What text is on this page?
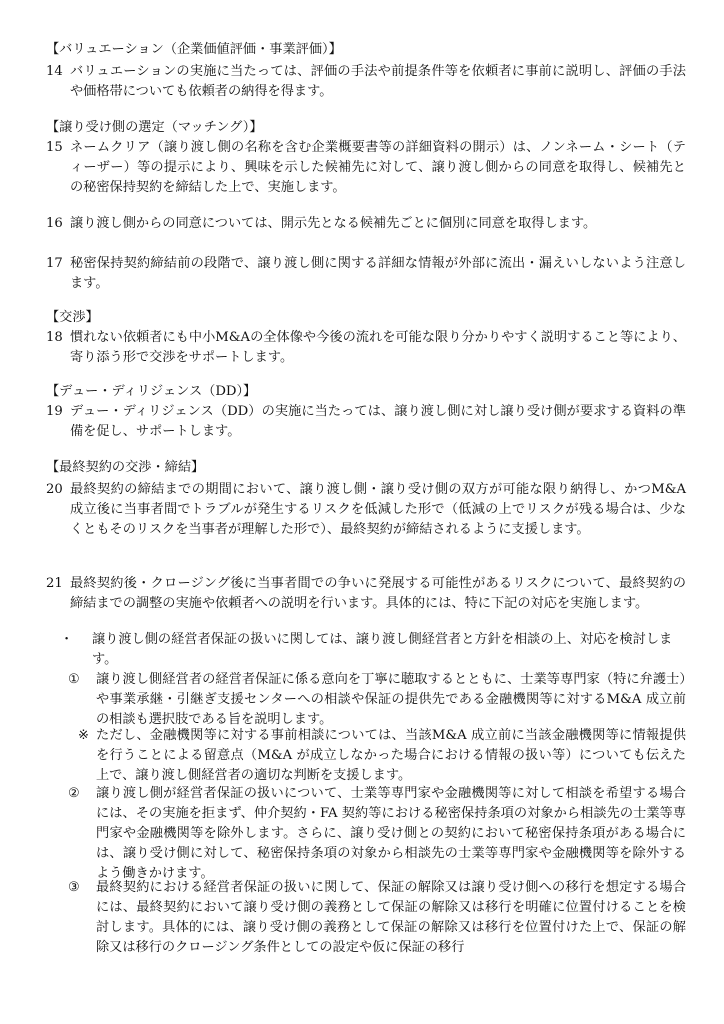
【バリュエーション（企業価値評価・事業評価）】
14 バリュエーションの実施に当たっては、評価の手法や前提条件等を依頼者に事前に説明し、評価の手法や価格帯についても依頼者の納得を得ます。
【譲り受け側の選定（マッチング）】
15 ネームクリア（譲り渡し側の名称を含む企業概要書等の詳細資料の開示）は、ノンネーム・シート（ティーザー）等の提示により、興味を示した候補先に対して、譲り渡し側からの同意を取得し、候補先との秘密保持契約を締結した上で、実施します。
16 譲り渡し側からの同意については、開示先となる候補先ごとに個別に同意を取得します。
17 秘密保持契約締結前の段階で、譲り渡し側に関する詳細な情報が外部に流出・漏えいしないよう注意します。
【交渉】
18 慣れない依頼者にも中小M&Aの全体像や今後の流れを可能な限り分かりやすく説明すること等により、寄り添う形で交渉をサポートします。
【デュー・ディリジェンス（DD）】
19 デュー・ディリジェンス（DD）の実施に当たっては、譲り渡し側に対し譲り受け側が要求する資料の準備を促し、サポートします。
【最終契約の交渉・締結】
20 最終契約の締結までの期間において、譲り渡し側・譲り受け側の双方が可能な限り納得し、かつM&A 成立後に当事者間でトラブルが発生するリスクを低減した形で（低減の上でリスクが残る場合は、少なくともそのリスクを当事者が理解した形で）、最終契約が締結されるように支援します。
21 最終契約後・クロージング後に当事者間での争いに発展する可能性があるリスクについて、最終契約の締結までの調整の実施や依頼者への説明を行います。具体的には、特に下記の対応を実施します。
・ 譲り渡し側の経営者保証の扱いに関しては、譲り渡し側経営者と方針を相談の上、対応を検討します。
① 譲り渡し側経営者の経営者保証に係る意向を丁寧に聴取するとともに、士業等専門家（特に弁護士）や事業承継・引継ぎ支援センターへの相談や保証の提供先である金融機関等に対するM&A 成立前の相談も選択肢である旨を説明します。
※ ただし、金融機関等に対する事前相談については、当該M&A 成立前に当該金融機関等に情報提供を行うことによる留意点（M&A が成立しなかった場合における情報の扱い等）についても伝えた上で、譲り渡し側経営者の適切な判断を支援します。
② 譲り渡し側が経営者保証の扱いについて、士業等専門家や金融機関等に対して相談を希望する場合には、その実施を拒まず、仲介契約・FA 契約等における秘密保持条項の対象から相談先の士業等専門家や金融機関等を除外します。さらに、譲り受け側との契約において秘密保持条項がある場合には、譲り受け側に対して、秘密保持条項の対象から相談先の士業等専門家や金融機関等を除外するよう働きかけます。
③ 最終契約における経営者保証の扱いに関して、保証の解除又は譲り受け側への移行を想定する場合には、最終契約において譲り受け側の義務として保証の解除又は移行を明確に位置付けることを検討します。具体的には、譲り受け側の義務として保証の解除又は移行を位置付けた上で、保証の解除又は移行のクロージング条件としての設定や仮に保証の移行
